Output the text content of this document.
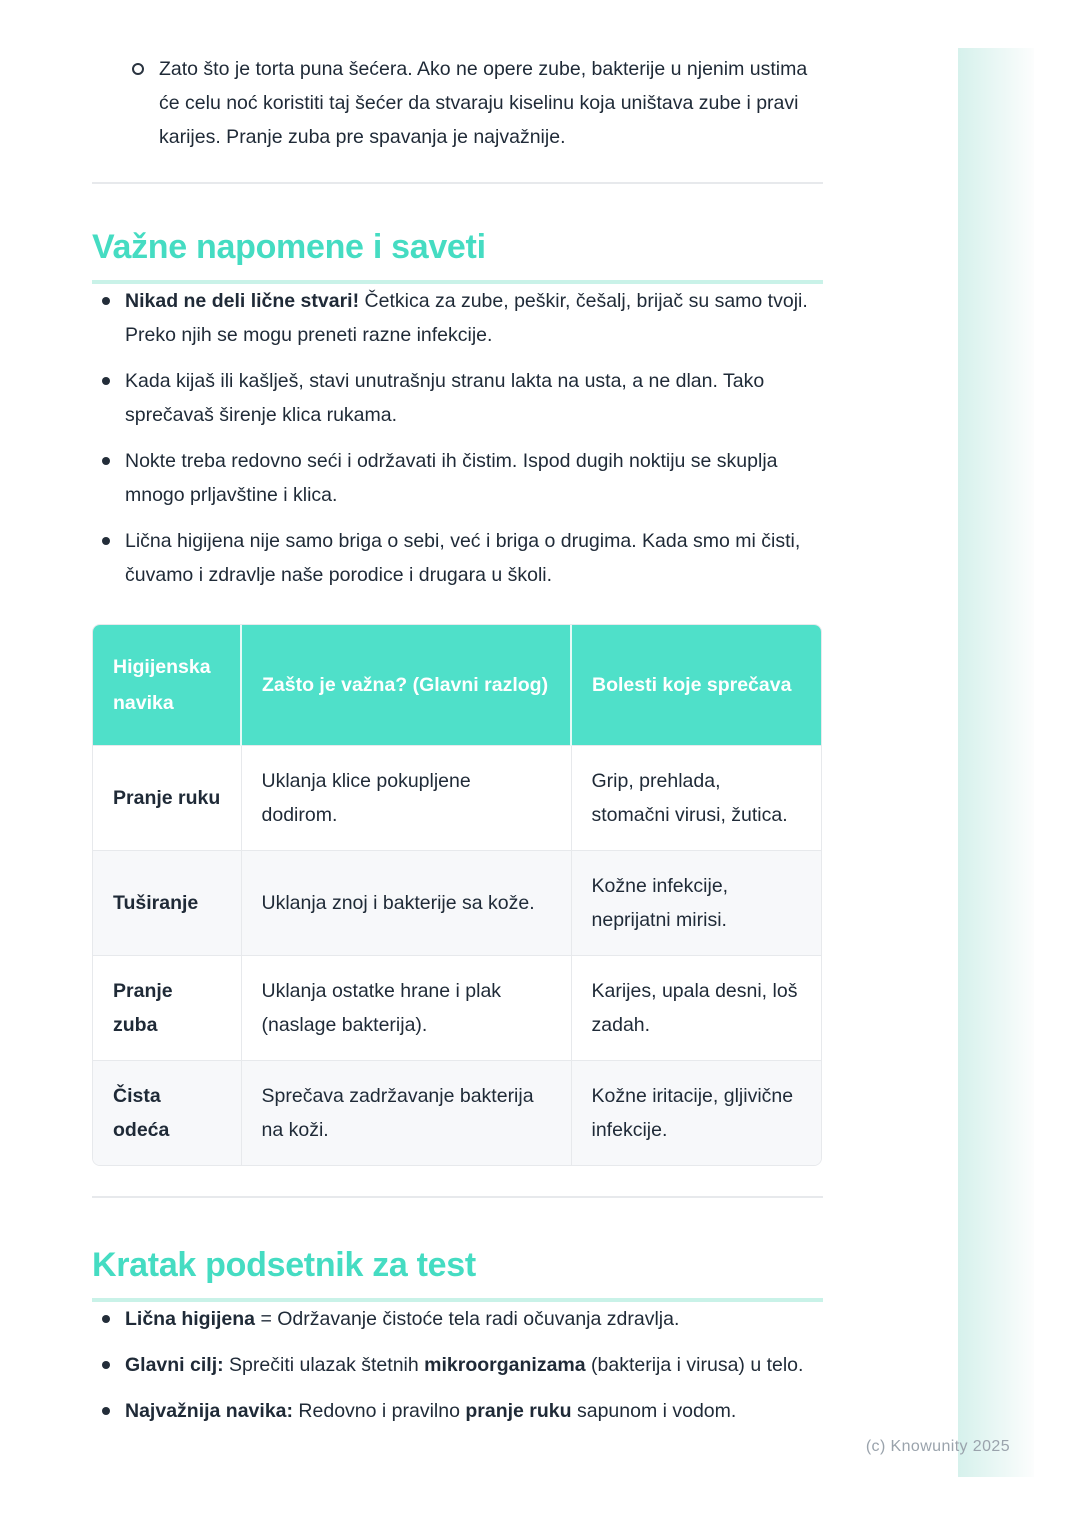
(c) Knowunity 2025
Zato što je torta puna šećera. Ako ne opere zube, bakterije u njenim ustima će celu noć koristiti taj šećer da stvaraju kiselinu koja uništava zube i pravi karijes. Pranje zuba pre spavanja je najvažnije.
Važne napomene i saveti
Nikad ne deli lične stvari! Četkica za zube, peškir, češalj, brijač su samo tvoji. Preko njih se mogu preneti razne infekcije.
Kada kijaš ili kašlješ, stavi unutrašnju stranu lakta na usta, a ne dlan. Tako sprečavaš širenje klica rukama.
Nokte treba redovno seći i održavati ih čistim. Ispod dugih noktiju se skuplja mnogo prljavštine i klica.
Lična higijena nije samo briga o sebi, već i briga o drugima. Kada smo mi čisti, čuvamo i zdravlje naše porodice i drugara u školi.
Higijenska navika	Zašto je važna? (Glavni razlog)	Bolesti koje sprečava
Pranje ruku	Uklanja klice pokupljene dodirom.	Grip, prehlada, stomačni virusi, žutica.
Tuširanje	Uklanja znoj i bakterije sa kože.	Kožne infekcije, neprijatni mirisi.
Pranje zuba	Uklanja ostatke hrane i plak (naslage bakterija).	Karijes, upala desni, loš zadah.
Čista odeća	Sprečava zadržavanje bakterija na koži.	Kožne iritacije, gljivične infekcije.
Kratak podsetnik za test
Lična higijena = Održavanje čistoće tela radi očuvanja zdravlja.
Glavni cilj: Sprečiti ulazak štetnih mikroorganizama (bakterija i virusa) u telo.
Najvažnija navika: Redovno i pravilno pranje ruku sapunom i vodom.
